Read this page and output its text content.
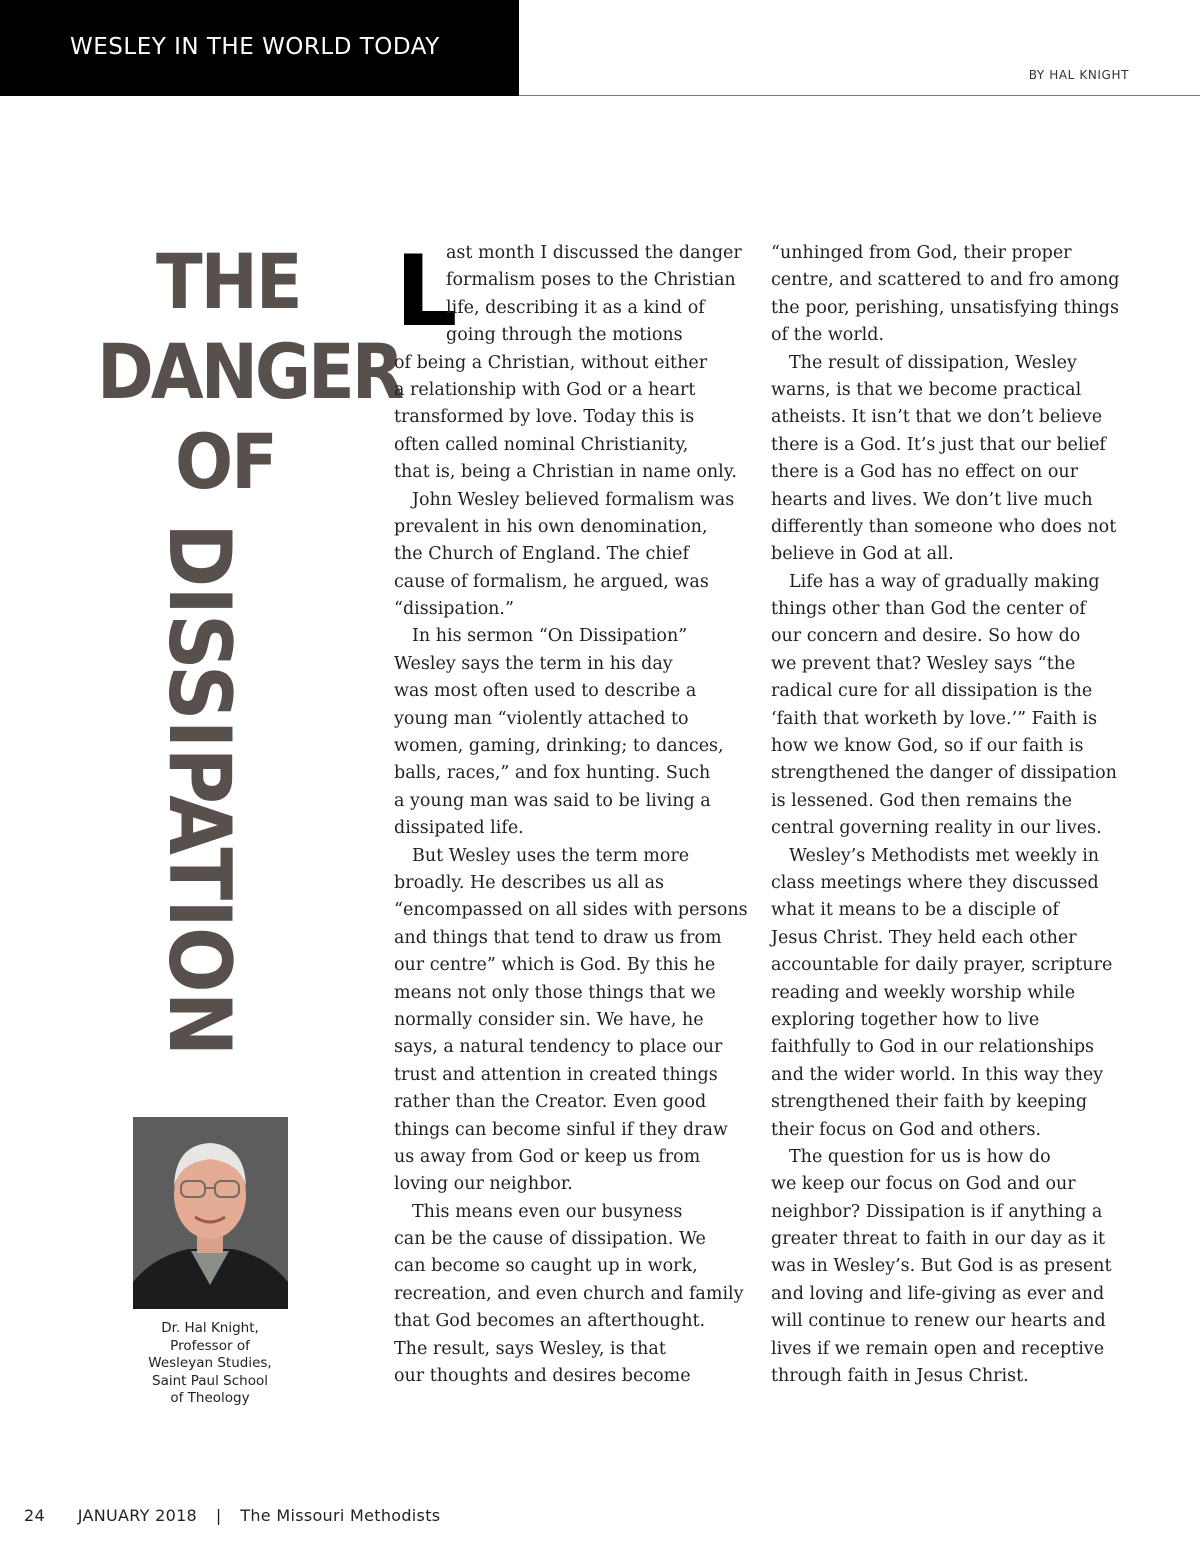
WESLEY IN THE WORLD TODAY
BY HAL KNIGHT
THE
DANGER
OF
DISSIPATION
Dr. Hal Knight,
Professor of
Wesleyan Studies,
Saint Paul School
of Theology
L
ast month I discussed the danger
formalism poses to the Christian
life, describing it as a kind of
going through the motions
of being a Christian, without either
a relationship with God or a heart
transformed by love. Today this is
often called nominal Christianity,
that is, being a Christian in name only.
John Wesley believed formalism was
prevalent in his own denomination,
the Church of England. The chief
cause of formalism, he argued, was
“dissipation.”
In his sermon “On Dissipation”
Wesley says the term in his day
was most often used to describe a
young man “violently attached to
women, gaming, drinking; to dances,
balls, races,” and fox hunting. Such
a young man was said to be living a
dissipated life.
But Wesley uses the term more
broadly. He describes us all as
“encompassed on all sides with persons
and things that tend to draw us from
our centre” which is God. By this he
means not only those things that we
normally consider sin. We have, he
says, a natural tendency to place our
trust and attention in created things
rather than the Creator. Even good
things can become sinful if they draw
us away from God or keep us from
loving our neighbor.
This means even our busyness
can be the cause of dissipation. We
can become so caught up in work,
recreation, and even church and family
that God becomes an afterthought.
The result, says Wesley, is that
our thoughts and desires become
“unhinged from God, their proper
centre, and scattered to and fro among
the poor, perishing, unsatisfying things
of the world.
The result of dissipation, Wesley
warns, is that we become practical
atheists. It isn’t that we don’t believe
there is a God. It’s just that our belief
there is a God has no effect on our
hearts and lives. We don’t live much
differently than someone who does not
believe in God at all.
Life has a way of gradually making
things other than God the center of
our concern and desire. So how do
we prevent that? Wesley says “the
radical cure for all dissipation is the
‘faith that worketh by love.’” Faith is
how we know God, so if our faith is
strengthened the danger of dissipation
is lessened. God then remains the
central governing reality in our lives.
Wesley’s Methodists met weekly in
class meetings where they discussed
what it means to be a disciple of
Jesus Christ. They held each other
accountable for daily prayer, scripture
reading and weekly worship while
exploring together how to live
faithfully to God in our relationships
and the wider world. In this way they
strengthened their faith by keeping
their focus on God and others.
The question for us is how do
we keep our focus on God and our
neighbor? Dissipation is if anything a
greater threat to faith in our day as it
was in Wesley’s. But God is as present
and loving and life-giving as ever and
will continue to renew our hearts and
lives if we remain open and receptive
through faith in Jesus Christ.
24 JANUARY 2018 | The Missouri Methodists
